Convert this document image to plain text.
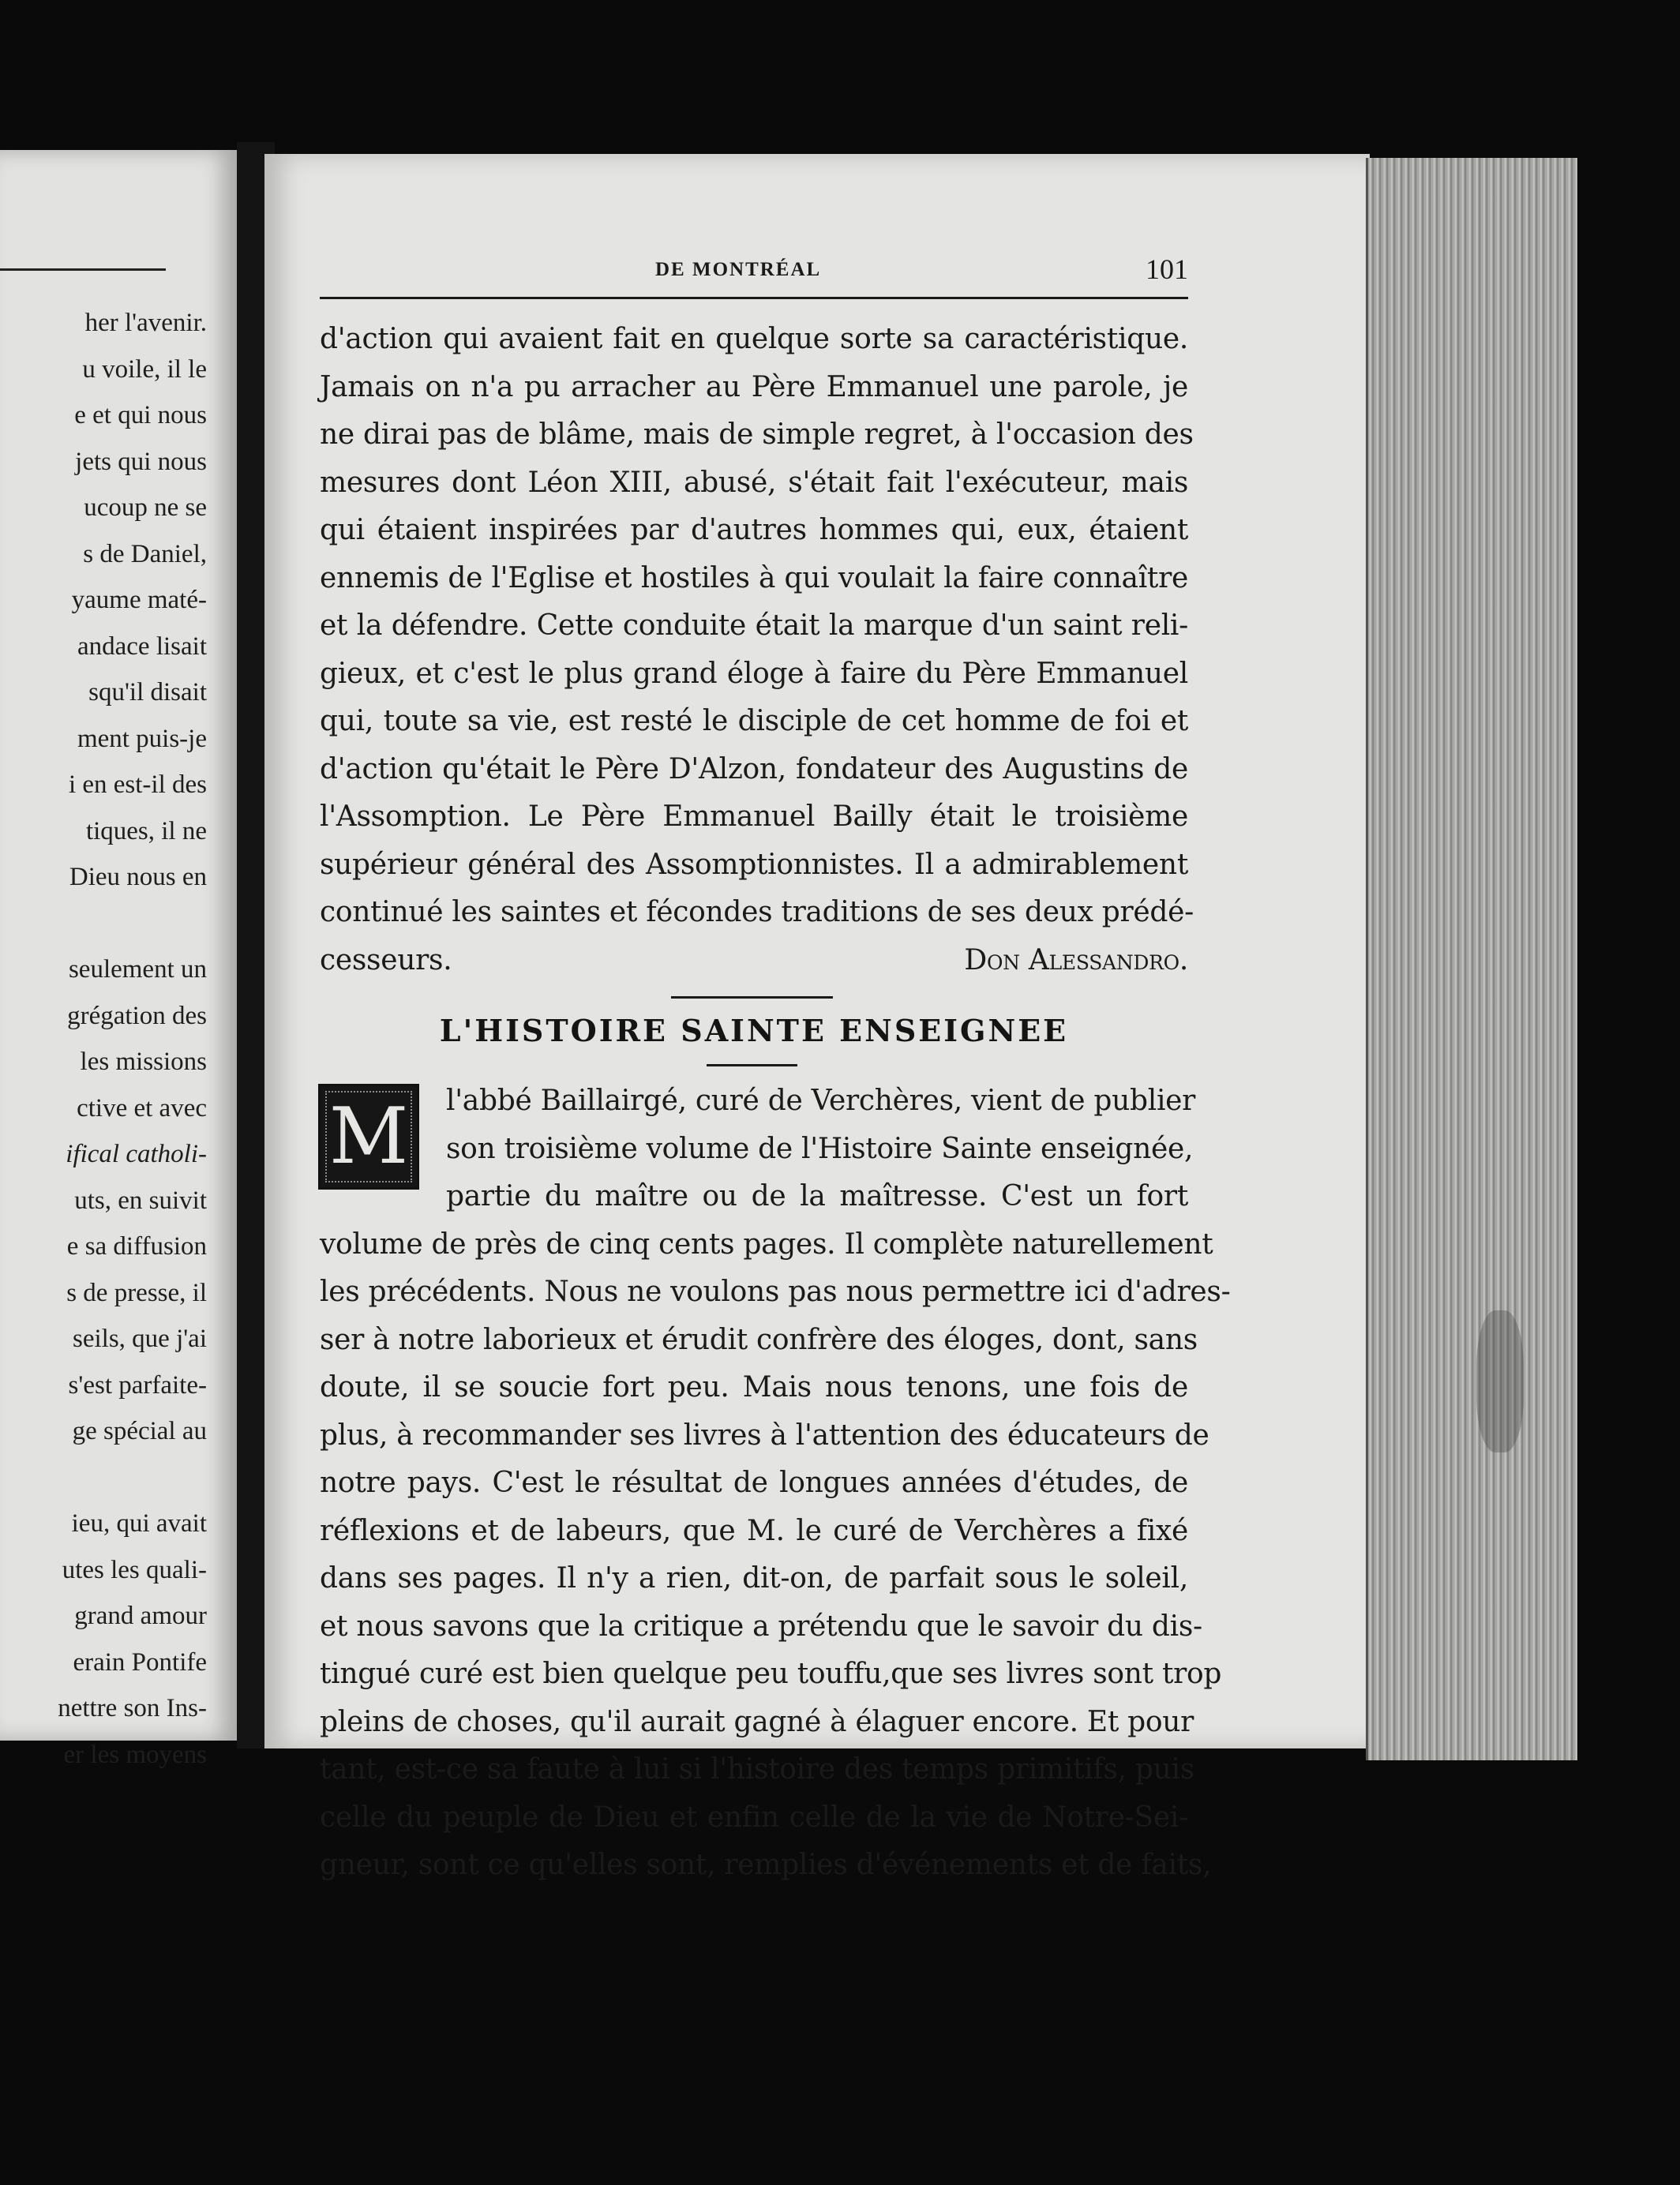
her l'avenir.
u voile, il le
e et qui nous
jets qui nous
ucoup ne se
s de Daniel,
yaume maté-
andace lisait
squ'il disait
ment puis-je
i en est-il des
tiques, il ne
Dieu nous en

seulement un
grégation des
les missions
ctive et avec
ifical catholi-
uts, en suivit
e sa diffusion
s de presse, il
seils, que j'ai
s'est parfaite-
ge spécial au

ieu, qui avait
utes les quali-
grand amour
erain Pontife
nettre son Ins-
er les moyens
DE MONTRÉAL	101
d'action qui avaient fait en quelque sorte sa caractéristique.
Jamais on n'a pu arracher au Père Emmanuel une parole, je
ne dirai pas de blâme, mais de simple regret, à l'occasion des
mesures dont Léon XIII, abusé, s'était fait l'exécuteur, mais
qui étaient inspirées par d'autres hommes qui, eux, étaient
ennemis de l'Eglise et hostiles à qui voulait la faire connaître
et la défendre. Cette conduite était la marque d'un saint reli-
gieux, et c'est le plus grand éloge à faire du Père Emmanuel
qui, toute sa vie, est resté le disciple de cet homme de foi et
d'action qu'était le Père D'Alzon, fondateur des Augustins de
l'Assomption. Le Père Emmanuel Bailly était le troisième
supérieur général des Assomptionnistes. Il a admirablement
continué les saintes et fécondes traditions de ses deux prédé-
cesseurs.	Don Alessandro.
L'HISTOIRE SAINTE ENSEIGNEE
M l'abbé Baillairgé, curé de Verchères, vient de publier
son troisième volume de l'Histoire Sainte enseignée,
partie du maître ou de la maîtresse. C'est un fort
volume de près de cinq cents pages. Il complète naturellement
les précédents. Nous ne voulons pas nous permettre ici d'adres-
ser à notre laborieux et érudit confrère des éloges, dont, sans
doute, il se soucie fort peu. Mais nous tenons, une fois de
plus, à recommander ses livres à l'attention des éducateurs de
notre pays. C'est le résultat de longues années d'études, de
réflexions et de labeurs, que M. le curé de Verchères a fixé
dans ses pages. Il n'y a rien, dit-on, de parfait sous le soleil,
et nous savons que la critique a prétendu que le savoir du dis-
tingué curé est bien quelque peu touffu,que ses livres sont trop
pleins de choses, qu'il aurait gagné à élaguer encore. Et pour
tant, est-ce sa faute à lui si l'histoire des temps primitifs, puis
celle du peuple de Dieu et enfin celle de la vie de Notre-Sei-
gneur, sont ce qu'elles sont, remplies d'événements et de faits,
